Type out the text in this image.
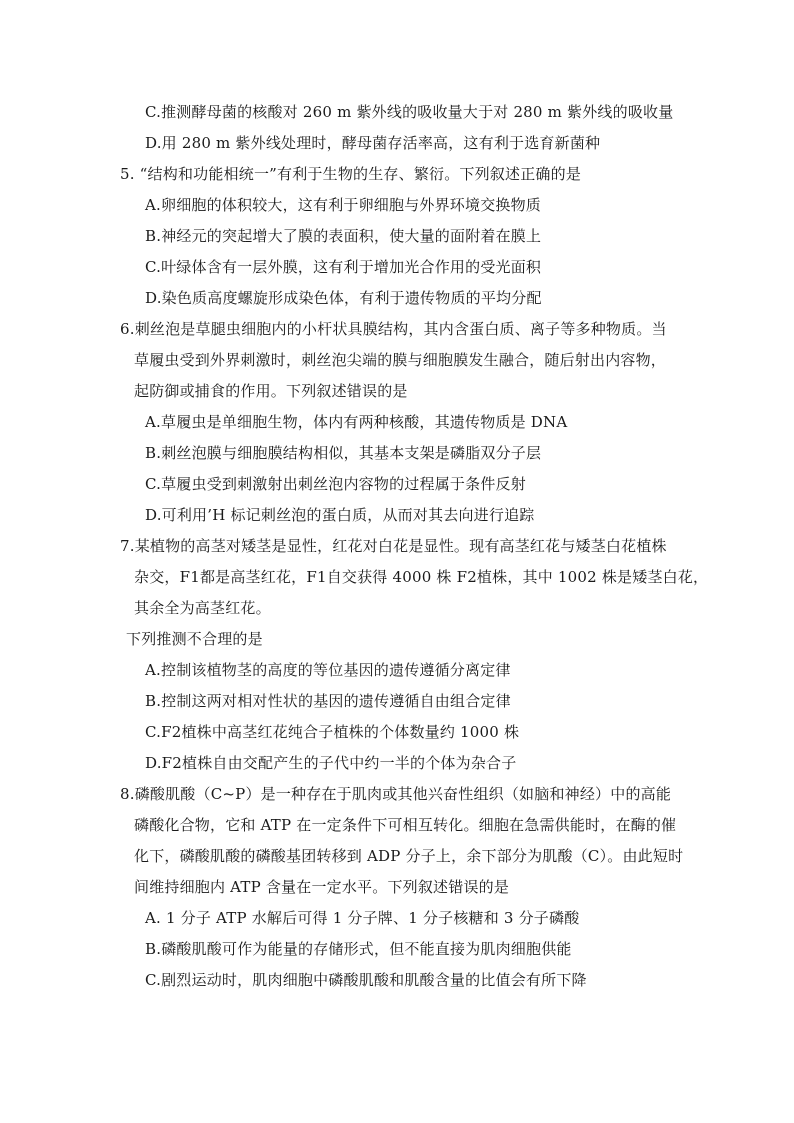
C.推测酵母菌的核酸对 260 m 紫外线的吸收量大于对 280 m 紫外线的吸收量
D.用 280 m 紫外线处理时，酵母菌存活率高，这有利于选育新菌种
5. “结构和功能相统一”有利于生物的生存、繁衍。下列叙述正确的是
A.卵细胞的体积较大，这有利于卵细胞与外界环境交换物质
B.神经元的突起增大了膜的表面积，使大量的面附着在膜上
C.叶绿体含有一层外膜，这有利于增加光合作用的受光面积
D.染色质高度螺旋形成染色体，有利于遗传物质的平均分配
6.刺丝泡是草腿虫细胞内的小杆状具膜结构，其内含蛋白质、离子等多种物质。当
草履虫受到外界刺激时，刺丝泡尖端的膜与细胞膜发生融合，随后射出内容物，
起防御或捕食的作用。下列叙述错误的是
A.草履虫是单细胞生物，体内有两种核酸，其遗传物质是 DNA
B.刺丝泡膜与细胞膜结构相似，其基本支架是磷脂双分子层
C.草履虫受到刺激射出刺丝泡内容物的过程属于条件反射
D.可利用’H 标记刺丝泡的蛋白质，从而对其去向进行追踪
7.某植物的高茎对矮茎是显性，红花对白花是显性。现有高茎红花与矮茎白花植株
杂交，F1都是高茎红花，F1自交获得 4000 株 F2植株，其中 1002 株是矮茎白花，
其余全为高茎红花。
下列推测不合理的是
A.控制该植物茎的高度的等位基因的遗传遵循分离定律
B.控制这两对相对性状的基因的遗传遵循自由组合定律
C.F2植株中高茎红花纯合子植株的个体数量约 1000 株
D.F2植株自由交配产生的子代中约一半的个体为杂合子
8.磷酸肌酸（C~P）是一种存在于肌肉或其他兴奋性组织（如脑和神经）中的高能
磷酸化合物，它和 ATP 在一定条件下可相互转化。细胞在急需供能时，在酶的催
化下，磷酸肌酸的磷酸基团转移到 ADP 分子上，余下部分为肌酸（C）。由此短时
间维持细胞内 ATP 含量在一定水平。下列叙述错误的是
A. 1 分子 ATP 水解后可得 1 分子牌、1 分子核糖和 3 分子磷酸
B.磷酸肌酸可作为能量的存储形式，但不能直接为肌肉细胞供能
C.剧烈运动时，肌肉细胞中磷酸肌酸和肌酸含量的比值会有所下降
